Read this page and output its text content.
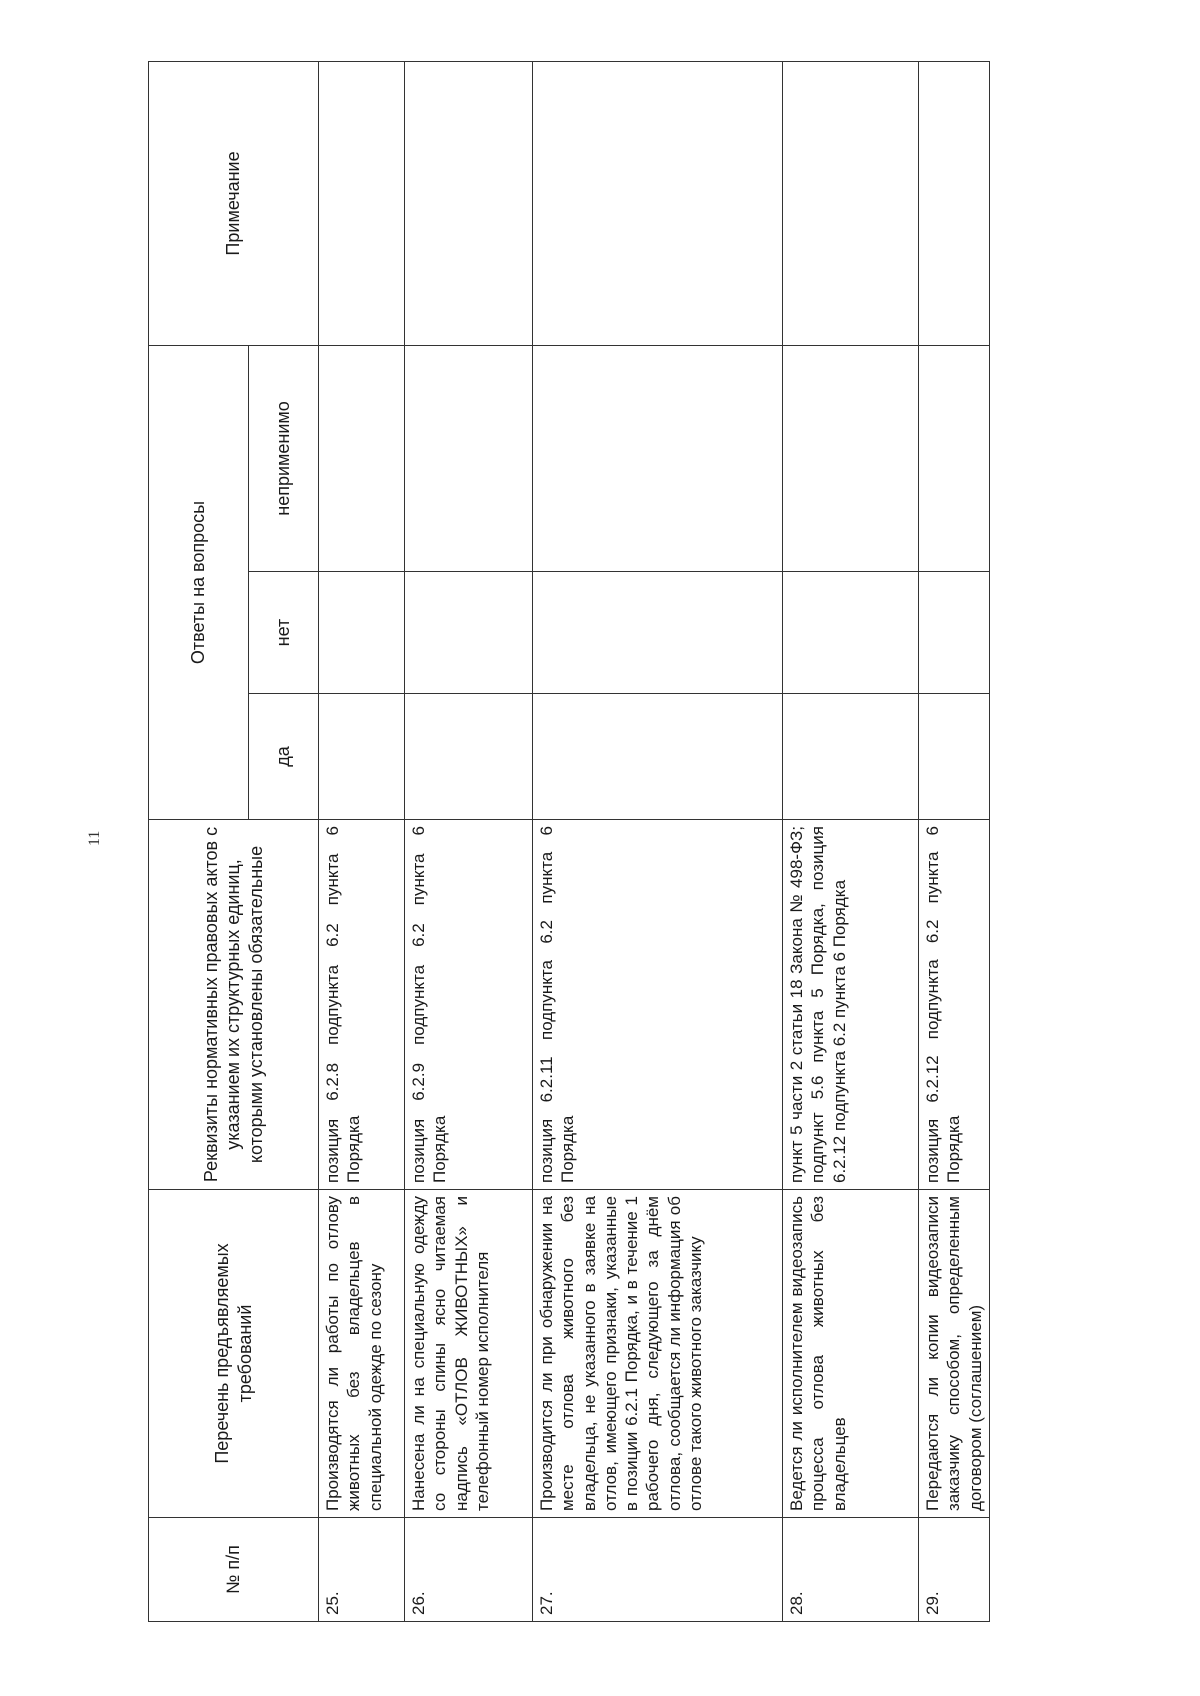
11
№ п/п	Перечень предъявляемых требований	Реквизиты нормативных правовых актов с указанием их структурных единиц, которыми установлены обязательные	Ответы на вопросы			Примечание
			да	нет	неприменимо	
25.	Производятся ли работы по отлову животных без владельцев в специальной одежде по сезону	позиция 6.2.8 подпункта 6.2 пункта 6 Порядка				
26.	Нанесена ли на специальную одежду со стороны спины ясно читаемая надпись «ОТЛОВ ЖИВОТНЫХ» и телефонный номер исполнителя	позиция 6.2.9 подпункта 6.2 пункта 6 Порядка				
27.	Производится ли при обнаружении на месте отлова животного без владельца, не указанного в заявке на отлов, имеющего признаки, указанные в позиции 6.2.1 Порядка, и в течение 1 рабочего дня, следующего за днём отлова, сообщается ли информация об отлове такого животного заказчику	позиция 6.2.11 подпункта 6.2 пункта 6 Порядка				
28.	Ведется ли исполнителем видеозапись процесса отлова животных без владельцев	пункт 5 части 2 статьи 18 Закона № 498-ФЗ; подпункт 5.6 пункта 5 Порядка, позиция 6.2.12 подпункта 6.2 пункта 6 Порядка				
29.	Передаются ли копии видеозаписи заказчику способом, определенным договором (соглашением)	позиция 6.2.12 подпункта 6.2 пункта 6 Порядка				
